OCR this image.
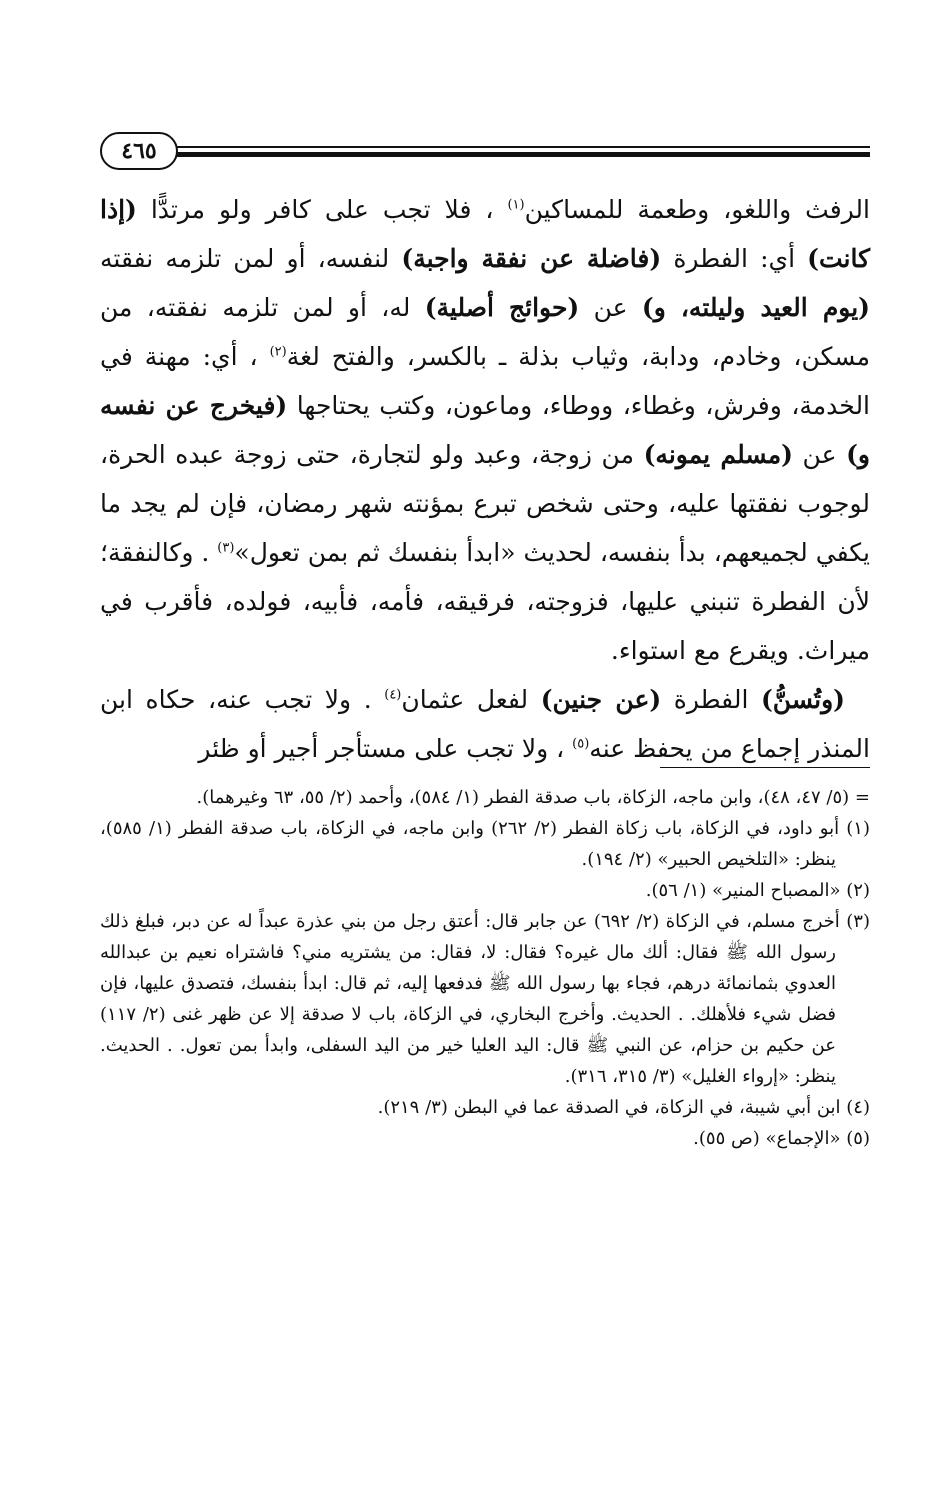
٤٦٥

الرفث واللغو، وطعمة للمساكين$^{(١)}$ ، فلا تجب على كافر ولو مرتدًّا (إذا كانت) أي: الفطرة (فاضلة عن نفقة واجبة) لنفسه، أو لمن تلزمه نفقته (يوم العيد وليلته، و) عن (حوائج أصلية) له، أو لمن تلزمه نفقته، من مسكن، وخادم، ودابة، وثياب بذلة ـ بالكسر، والفتح لغة$^{(٢)}$ ، أي: مهنة في الخدمة، وفرش، وغطاء، ووطاء، وماعون، وكتب يحتاجها (فيخرج عن نفسه و) عن (مسلم يمونه) من زوجة، وعبد ولو لتجارة، حتى زوجة عبده الحرة، لوجوب نفقتها عليه، وحتى شخص تبرع بمؤنته شهر رمضان، فإن لم يجد ما يكفي لجميعهم، بدأ بنفسه، لحديث «ابدأ بنفسك ثم بمن تعول»$^{(٣)}$ . وكالنفقة؛ لأن الفطرة تنبني عليها، فزوجته، فرقيقه، فأمه، فأبيه، فولده، فأقرب في ميراث. ويقرع مع استواء.

(وتُسنُّ) الفطرة (عن جنين) لفعل عثمان$^{(٤)}$ . ولا تجب عنه، حكاه ابن المنذر إجماع من يحفظ عنه$^{(٥)}$ ، ولا تجب على مستأجر أجير أو ظئر

= (٥/ ٤٧، ٤٨)، وابن ماجه، الزكاة، باب صدقة الفطر (١/ ٥٨٤)، وأحمد (٢/ ٥٥، ٦٣ وغيرهما).

(١) أبو داود، في الزكاة، باب زكاة الفطر (٢/ ٢٦٢) وابن ماجه، في الزكاة، باب صدقة الفطر (١/ ٥٨٥)، ينظر: «التلخيص الحبير» (٢/ ١٩٤).

(٢) «المصباح المنير» (١/ ٥٦).

(٣) أخرج مسلم، في الزكاة (٢/ ٦٩٢) عن جابر قال: أعتق رجل من بني عذرة عبداً له عن دبر، فبلغ ذلك رسول الله ﷺ فقال: ألك مال غيره؟ فقال: لا، فقال: من يشتريه مني؟ فاشتراه نعيم بن عبدالله العدوي بثمانمائة درهم، فجاء بها رسول الله ﷺ فدفعها إليه، ثم قال: ابدأ بنفسك، فتصدق عليها، فإن فضل شيء فلأهلك. . الحديث. وأخرج البخاري، في الزكاة، باب لا صدقة إلا عن ظهر غنى (٢/ ١١٧) عن حكيم بن حزام، عن النبي ﷺ قال: اليد العليا خير من اليد السفلى، وابدأ بمن تعول. . الحديث. ينظر: «إرواء الغليل» (٣/ ٣١٥، ٣١٦).

(٤) ابن أبي شيبة، في الزكاة، في الصدقة عما في البطن (٣/ ٢١٩).

(٥) «الإجماع» (ص ٥٥).
